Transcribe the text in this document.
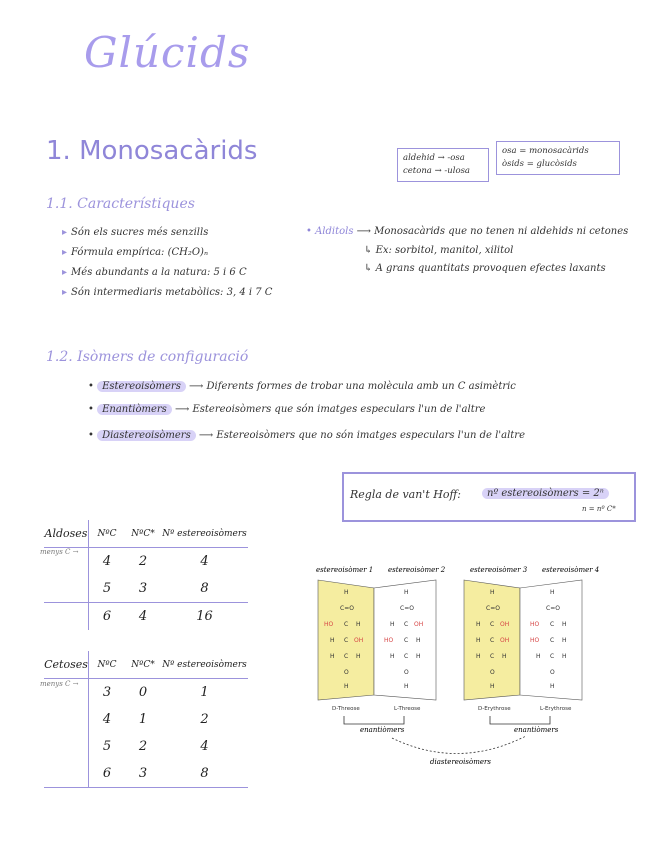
Glúcids
1. Monosacàrids	aldehid → -osa
cetona → -ulosa
osa = monosacàrids
òsids = glucòsids
1.1. Característiques
▸ Són els sucres més senzills
▸ Fórmula empírica: (CH₂O)ₙ
▸ Més abundants a la natura: 5 i 6 C
▸ Són intermediaris metabòlics: 3, 4 i 7 C
• Alditols ⟶ Monosacàrids que no tenen ni aldehids ni cetones
↳ Ex: sorbitol, manitol, xilitol
↳ A grans quantitats provoquen efectes laxants
1.2. Isòmers de configuració
• Estereoisòmers ⟶ Diferents formes de trobar una molècula amb un C asimètric
• Enantiòmers ⟶ Estereoisòmers que són imatges especulars l'un de l'altre
• Diastereoisòmers ⟶ Estereoisòmers que no són imatges especulars l'un de l'altre
Regla de van't Hoff:	nº estereoisòmers = 2ⁿ
n = nº C*
menys C →
Aldoses	NºC	NºC*	Nº estereoisòmers
	4	2	4
	5	3	8
	6	4	16
menys C →
Cetoses	NºC	NºC*	Nº estereoisòmers
	3	0	1
	4	1	2
	5	2	4
	6	3	8
estereoisòmer 1 estereoisòmer 2	estereoisòmer 3 estereoisòmer 4
H
C=O
HO C H
H C OH
H C H
O
H
H
C=O
H C OH
HO C H
H C H
O
H
H
C=O
H C OH
H C OH
H C H
O
H
H
C=O
HO C H
HO C H
H C H
O
H
D-Threose	L-Threose	D-Erythrose	L-Erythrose
enantiòmers	enantiòmers
diastereoisòmers
